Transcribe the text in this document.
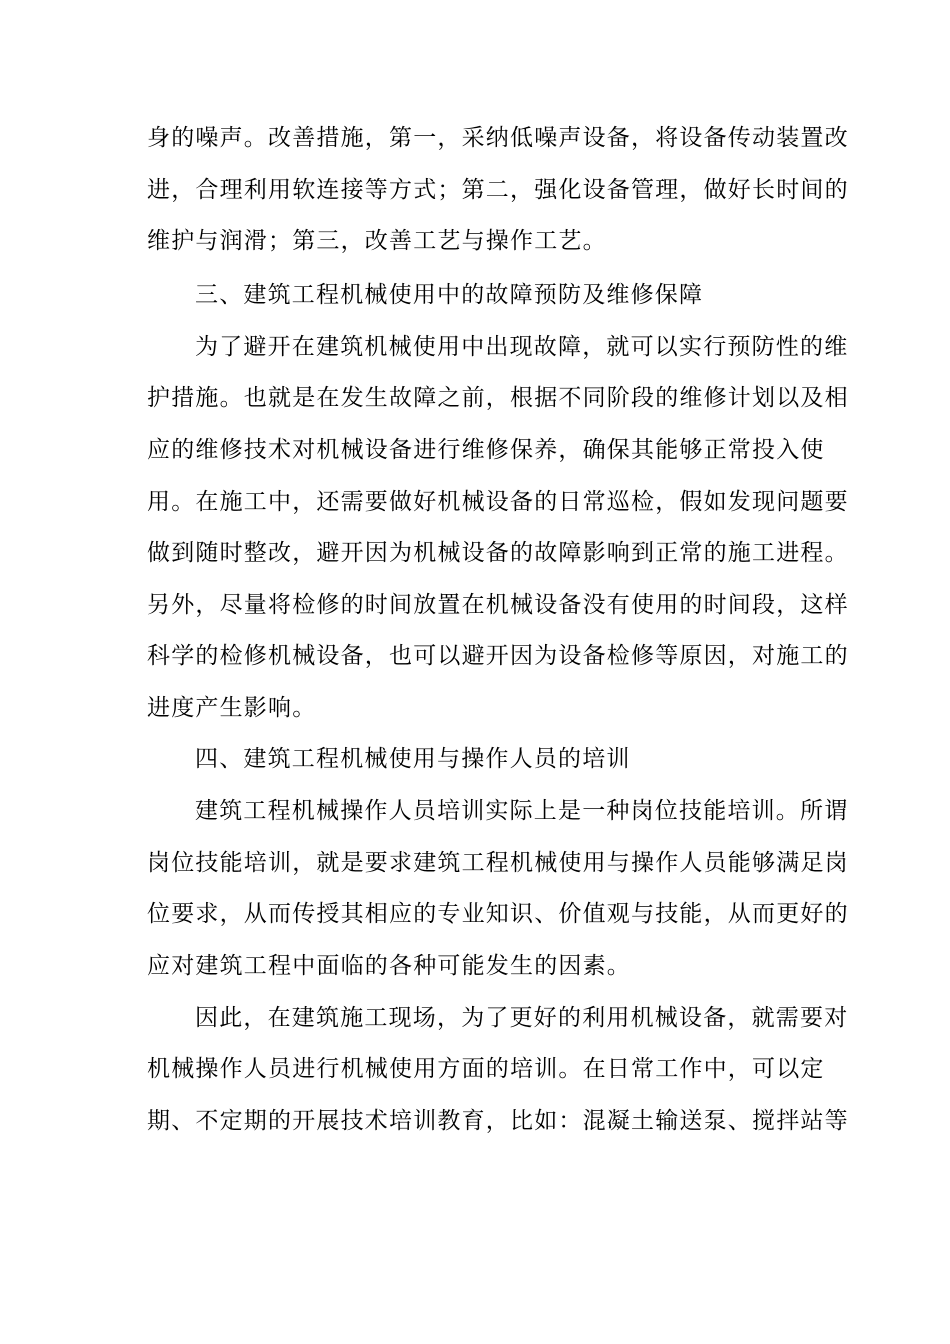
身的噪声。改善措施，第一，采纳低噪声设备，将设备传动装置改
进，合理利用软连接等方式；第二，强化设备管理，做好长时间的
维护与润滑；第三，改善工艺与操作工艺。
三、建筑工程机械使用中的故障预防及维修保障
为了避开在建筑机械使用中出现故障，就可以实行预防性的维
护措施。也就是在发生故障之前，根据不同阶段的维修计划以及相
应的维修技术对机械设备进行维修保养，确保其能够正常投入使
用。在施工中，还需要做好机械设备的日常巡检，假如发现问题要
做到随时整改，避开因为机械设备的故障影响到正常的施工进程。
另外，尽量将检修的时间放置在机械设备没有使用的时间段，这样
科学的检修机械设备，也可以避开因为设备检修等原因，对施工的
进度产生影响。
四、建筑工程机械使用与操作人员的培训
建筑工程机械操作人员培训实际上是一种岗位技能培训。所谓
岗位技能培训，就是要求建筑工程机械使用与操作人员能够满足岗
位要求，从而传授其相应的专业知识、价值观与技能，从而更好的
应对建筑工程中面临的各种可能发生的因素。
因此，在建筑施工现场，为了更好的利用机械设备，就需要对
机械操作人员进行机械使用方面的培训。在日常工作中，可以定
期、不定期的开展技术培训教育，比如：混凝土输送泵、搅拌站等
